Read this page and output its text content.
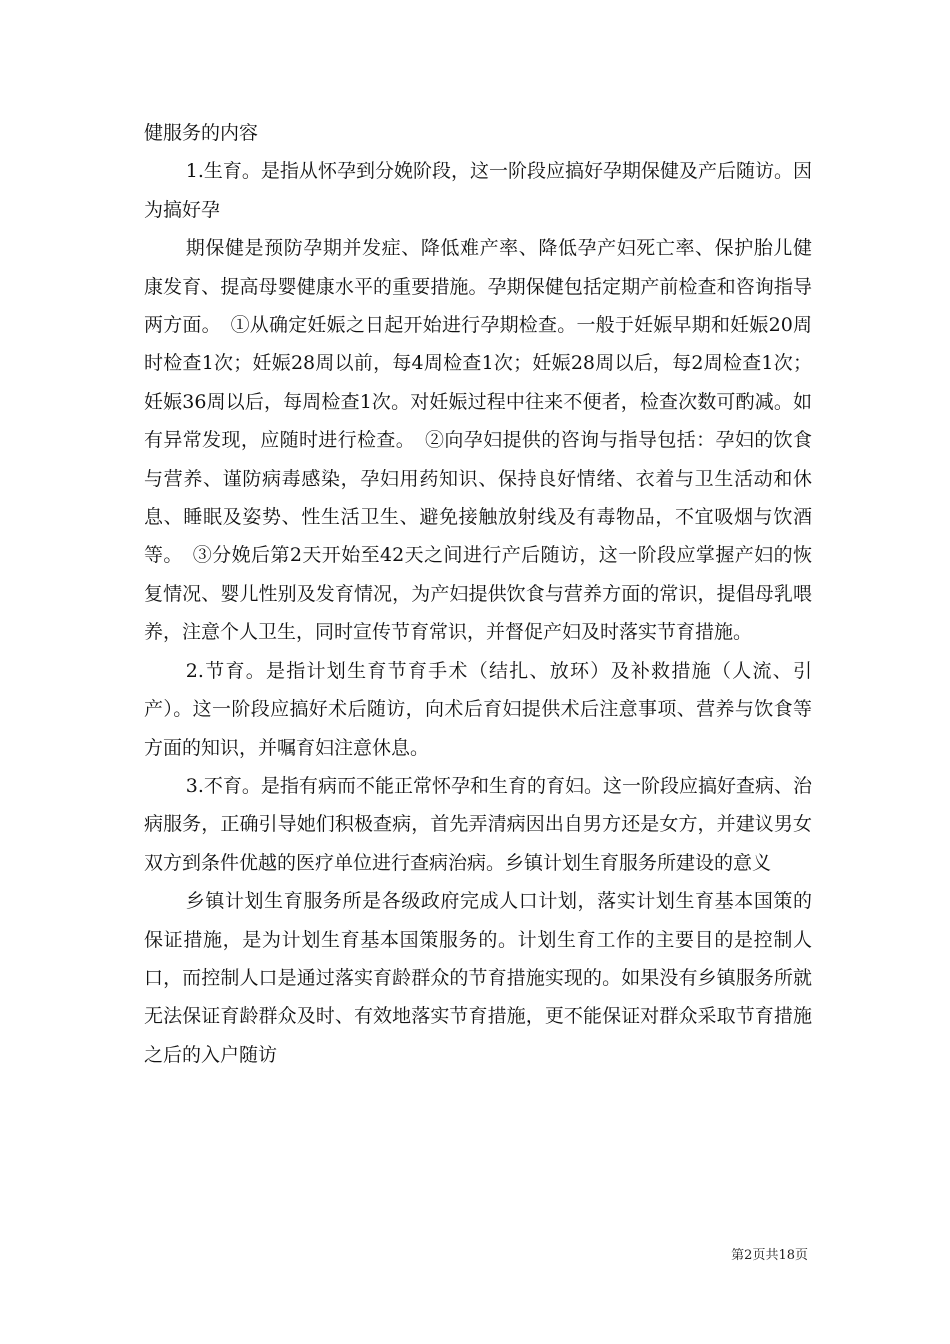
健服务的内容

1.生育。是指从怀孕到分娩阶段，这一阶段应搞好孕期保健及产后随访。因为搞好孕

期保健是预防孕期并发症、降低难产率、降低孕产妇死亡率、保护胎儿健康发育、提高母婴健康水平的重要措施。孕期保健包括定期产前检查和咨询指导两方面。　①从确定妊娠之日起开始进行孕期检查。一般于妊娠早期和妊娠20周时检查1次；妊娠28周以前，每4周检查1次；妊娠28周以后，每2周检查1次；妊娠36周以后，每周检查1次。对妊娠过程中往来不便者，检查次数可酌减。如有异常发现，应随时进行检查。　②向孕妇提供的咨询与指导包括：孕妇的饮食与营养、谨防病毒感染，孕妇用药知识、保持良好情绪、衣着与卫生活动和休息、睡眠及姿势、性生活卫生、避免接触放射线及有毒物品，不宜吸烟与饮酒等。　③分娩后第2天开始至42天之间进行产后随访，这一阶段应掌握产妇的恢复情况、婴儿性别及发育情况，为产妇提供饮食与营养方面的常识，提倡母乳喂养，注意个人卫生，同时宣传节育常识，并督促产妇及时落实节育措施。

2.节育。是指计划生育节育手术（结扎、放环）及补救措施（人流、引产）。这一阶段应搞好术后随访，向术后育妇提供术后注意事项、营养与饮食等方面的知识，并嘱育妇注意休息。

3.不育。是指有病而不能正常怀孕和生育的育妇。这一阶段应搞好查病、治病服务，正确引导她们积极查病，首先弄清病因出自男方还是女方，并建议男女双方到条件优越的医疗单位进行查病治病。乡镇计划生育服务所建设的意义

乡镇计划生育服务所是各级政府完成人口计划，落实计划生育基本国策的保证措施，是为计划生育基本国策服务的。计划生育工作的主要目的是控制人口，而控制人口是通过落实育龄群众的节育措施实现的。如果没有乡镇服务所就无法保证育龄群众及时、有效地落实节育措施，更不能保证对群众采取节育措施之后的入户随访

第2页共18页
